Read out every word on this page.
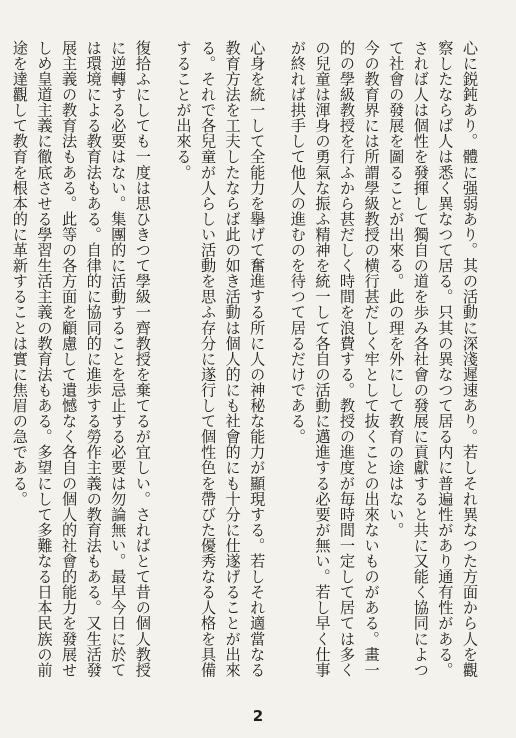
心に鋭鈍あり。體に强弱あり。其の活動に深淺遲速あり。若しそれ異なつた方面から人を觀察したならば人は悉く異なつて居る。只其の異なつて居る内に普遍性があり通有性がある。されば人は個性を發揮して獨自の道を歩み各社會の發展に貢獻すると共に又能く協同によつて社會の發展を圖ることが出來る。此の理を外にして教育の途はない。

今の教育界には所謂學級教授の横行甚だしく牢として抜くことの出來ないものがある。畫一的の學級教授を行ふから甚だしく時間を浪費する。教授の進度が毎時間一定して居ては多くの兒童は渾身の勇氣な振ふ精神を統一して各自の活動に邁進する必要が無い。若し早く仕事が終れば拱手して他人の進むのを待つて居るだけである。

心身を統一して全能力を擧げて奮進する所に人の神秘な能力が顯現する。若しそれ適當なる教育方法を工夫したならば此の如き活動は個人的にも社會的にも十分に仕遂げることが出來る。それで各兒童が人らしい活動を思ふ存分に遂行して個性色を帶びた優秀なる人格を具備することが出來る。

復拾ふにしても一度は思ひきつて學級一齊教授を棄てるが宜しい。さればとて昔の個人教授に逆轉する必要はない。集團的に活動することを忌止する必要は勿論無い。最早今日に於ては環境による教育法もある。自律的に協同的に進歩する勞作主義の教育法もある。又生活發展主義の教育法もある。此等の各方面を顧慮して遺憾なく各自の個人的社會的能力を發展せしめ皇道主義に徹底させる學習生活主義の教育法もある。多望にして多難なる日本民族の前途を達觀して教育を根本的に革新することは實に焦眉の急である。

2
